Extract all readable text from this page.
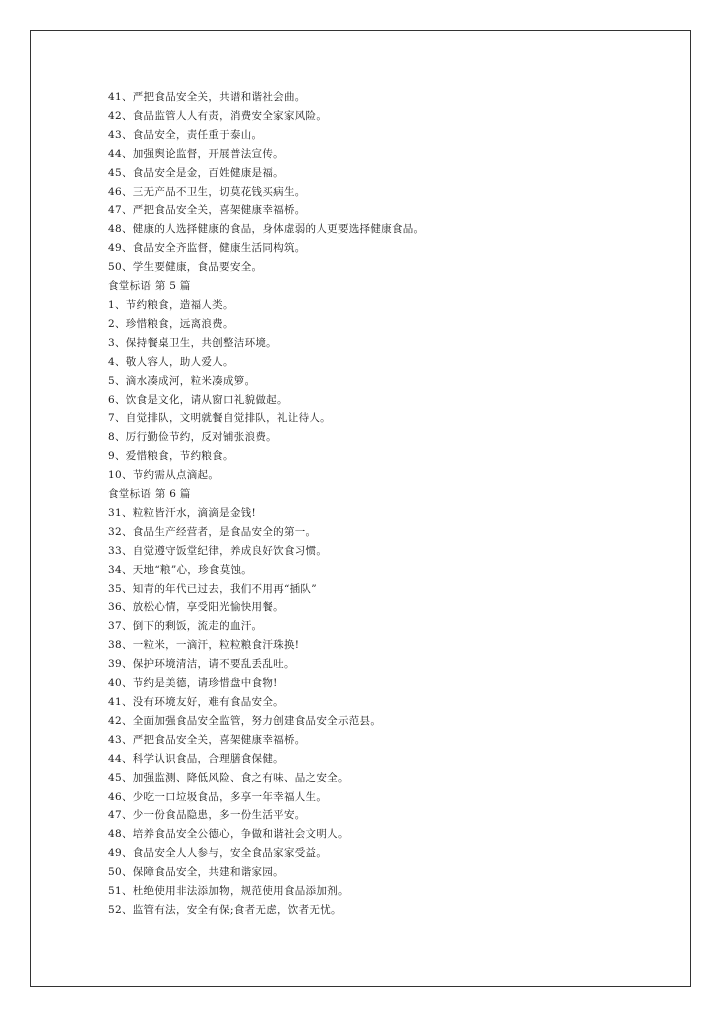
41、严把食品安全关，共谱和谐社会曲。
42、食品监管人人有责，消费安全家家风险。
43、食品安全，责任重于泰山。
44、加强舆论监督，开展普法宣传。
45、食品安全是金，百姓健康是福。
46、三无产品不卫生，切莫花钱买病生。
47、严把食品安全关，喜架健康幸福桥。
48、健康的人选择健康的食品，身体虚弱的人更要选择健康食品。
49、食品安全齐监督，健康生活同构筑。
50、学生要健康，食品要安全。
食堂标语 第 5 篇
1、节约粮食，造福人类。
2、珍惜粮食，远离浪费。
3、保持餐桌卫生，共创整洁环境。
4、敬人容人，助人爱人。
5、滴水凑成河，粒米凑成箩。
6、饮食是文化，请从窗口礼貌做起。
7、自觉排队，文明就餐自觉排队，礼让待人。
8、厉行勤俭节约，反对铺张浪费。
9、爱惜粮食，节约粮食。
10、节约需从点滴起。
食堂标语 第 6 篇
31、粒粒皆汗水，滴滴是金钱!
32、食品生产经营者，是食品安全的第一。
33、自觉遵守饭堂纪律，养成良好饮食习惯。
34、天地“粮”心，珍食莫蚀。
35、知青的年代已过去，我们不用再“插队”
36、放松心情，享受阳光愉快用餐。
37、倒下的剩饭，流走的血汗。
38、一粒米，一滴汗，粒粒粮食汗珠换!
39、保护环境清洁，请不要乱丢乱吐。
40、节约是美德，请珍惜盘中食物!
41、没有环境友好，难有食品安全。
42、全面加强食品安全监管，努力创建食品安全示范县。
43、严把食品安全关，喜架健康幸福桥。
44、科学认识食品，合理膳食保健。
45、加强监测、降低风险、食之有味、品之安全。
46、少吃一口垃圾食品，多享一年幸福人生。
47、少一份食品隐患，多一份生活平安。
48、培养食品安全公德心，争做和谐社会文明人。
49、食品安全人人参与，安全食品家家受益。
50、保障食品安全，共建和谐家园。
51、杜绝使用非法添加物，规范使用食品添加剂。
52、监管有法，安全有保;食者无虑，饮者无忧。
